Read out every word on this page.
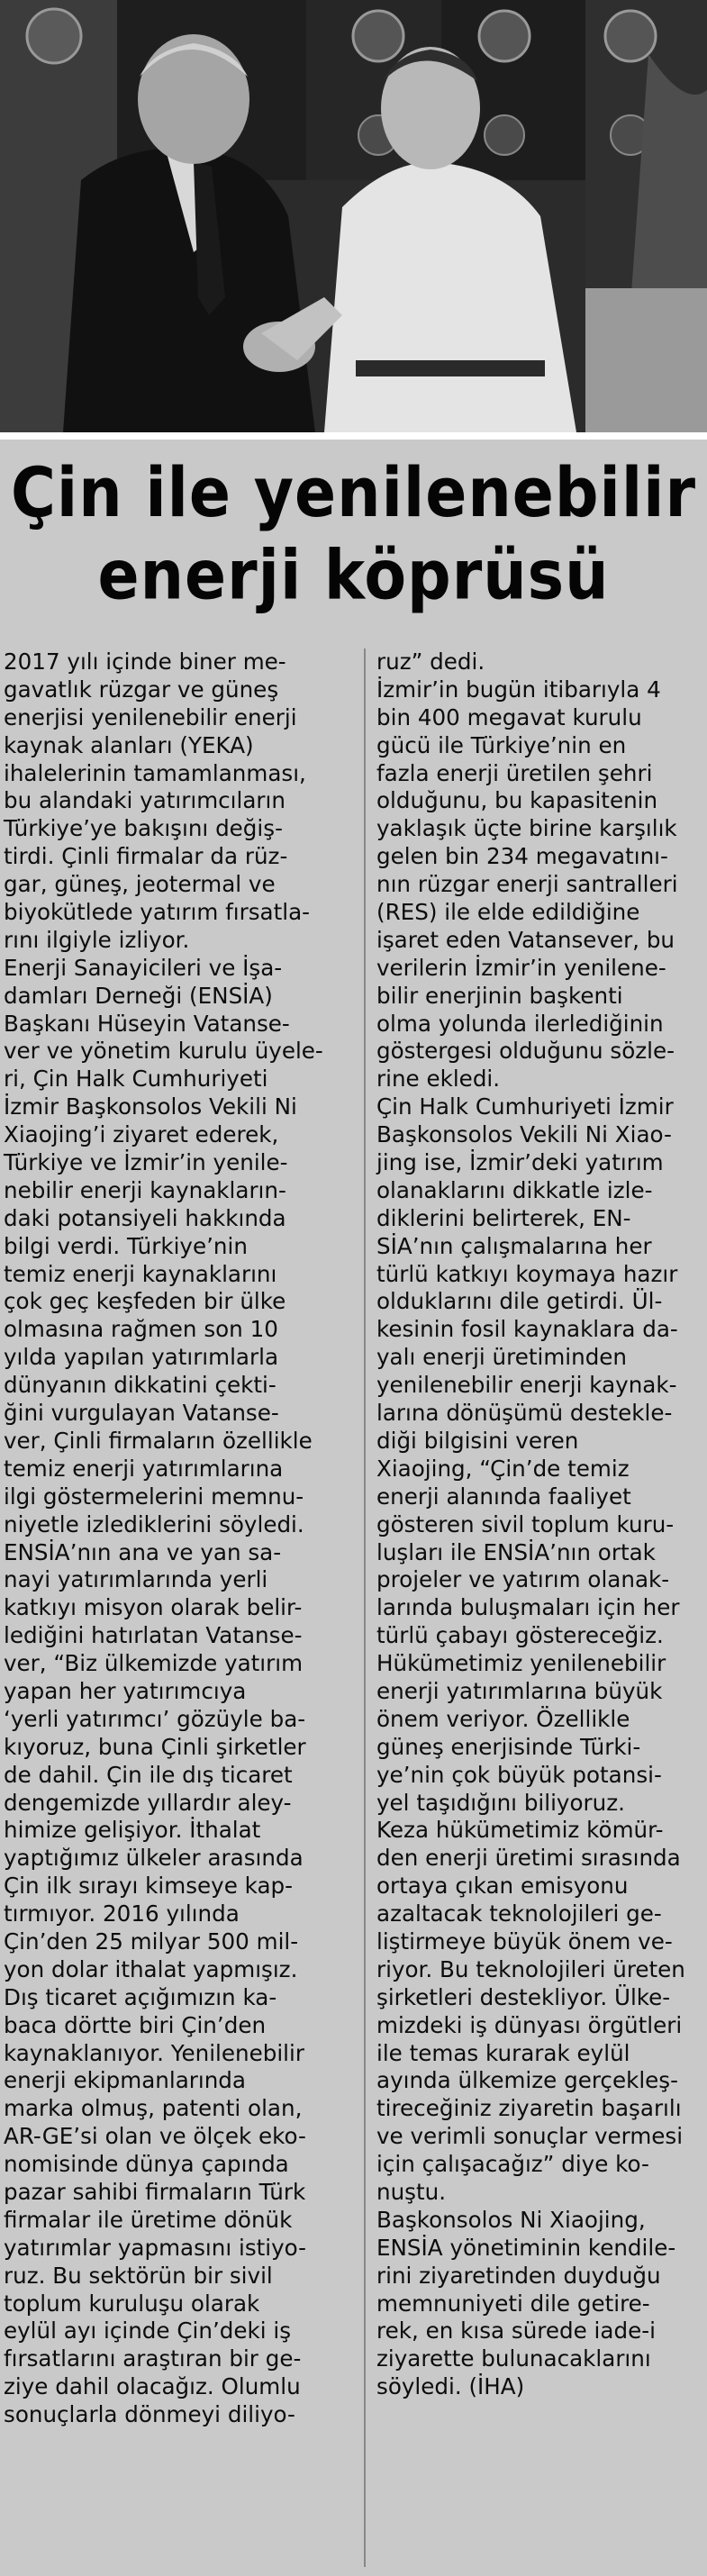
Çin ile yenilenebilir
enerji köprüsü
2017 yılı içinde biner me-
gavatlık rüzgar ve güneş
enerjisi yenilenebilir enerji
kaynak alanları (YEKA)
ihalelerinin tamamlanması,
bu alandaki yatırımcıların
Türkiye’ye bakışını değiş-
tirdi. Çinli firmalar da rüz-
gar, güneş, jeotermal ve
biyokütlede yatırım fırsatla-
rını ilgiyle izliyor.
Enerji Sanayicileri ve İşa-
damları Derneği (ENSİA)
Başkanı Hüseyin Vatanse-
ver ve yönetim kurulu üyele-
ri, Çin Halk Cumhuriyeti
İzmir Başkonsolos Vekili Ni
Xiaojing’i ziyaret ederek,
Türkiye ve İzmir’in yenile-
nebilir enerji kaynakların-
daki potansiyeli hakkında
bilgi verdi. Türkiye’nin
temiz enerji kaynaklarını
çok geç keşfeden bir ülke
olmasına rağmen son 10
yılda yapılan yatırımlarla
dünyanın dikkatini çekti-
ğini vurgulayan Vatanse-
ver, Çinli firmaların özellikle
temiz enerji yatırımlarına
ilgi göstermelerini memnu-
niyetle izlediklerini söyledi.
ENSİA’nın ana ve yan sa-
nayi yatırımlarında yerli
katkıyı misyon olarak belir-
lediğini hatırlatan Vatanse-
ver, “Biz ülkemizde yatırım
yapan her yatırımcıya
‘yerli yatırımcı’ gözüyle ba-
kıyoruz, buna Çinli şirketler
de dahil. Çin ile dış ticaret
dengemizde yıllardır aley-
himize gelişiyor. İthalat
yaptığımız ülkeler arasında
Çin ilk sırayı kimseye kap-
tırmıyor. 2016 yılında
Çin’den 25 milyar 500 mil-
yon dolar ithalat yapmışız.
Dış ticaret açığımızın ka-
baca dörtte biri Çin’den
kaynaklanıyor. Yenilenebilir
enerji ekipmanlarında
marka olmuş, patenti olan,
AR-GE’si olan ve ölçek eko-
nomisinde dünya çapında
pazar sahibi firmaların Türk
firmalar ile üretime dönük
yatırımlar yapmasını istiyo-
ruz. Bu sektörün bir sivil
toplum kuruluşu olarak
eylül ayı içinde Çin’deki iş
fırsatlarını araştıran bir ge-
ziye dahil olacağız. Olumlu
sonuçlarla dönmeyi diliyo-
ruz” dedi.
İzmir’in bugün itibarıyla 4
bin 400 megavat kurulu
gücü ile Türkiye’nin en
fazla enerji üretilen şehri
olduğunu, bu kapasitenin
yaklaşık üçte birine karşılık
gelen bin 234 megavatını-
nın rüzgar enerji santralleri
(RES) ile elde edildiğine
işaret eden Vatansever, bu
verilerin İzmir’in yenilene-
bilir enerjinin başkenti
olma yolunda ilerlediğinin
göstergesi olduğunu sözle-
rine ekledi.
Çin Halk Cumhuriyeti İzmir
Başkonsolos Vekili Ni Xiao-
jing ise, İzmir’deki yatırım
olanaklarını dikkatle izle-
diklerini belirterek, EN-
SİA’nın çalışmalarına her
türlü katkıyı koymaya hazır
olduklarını dile getirdi. Ül-
kesinin fosil kaynaklara da-
yalı enerji üretiminden
yenilenebilir enerji kaynak-
larına dönüşümü destekle-
diği bilgisini veren
Xiaojing, “Çin’de temiz
enerji alanında faaliyet
gösteren sivil toplum kuru-
luşları ile ENSİA’nın ortak
projeler ve yatırım olanak-
larında buluşmaları için her
türlü çabayı göstereceğiz.
Hükümetimiz yenilenebilir
enerji yatırımlarına büyük
önem veriyor. Özellikle
güneş enerjisinde Türki-
ye’nin çok büyük potansi-
yel taşıdığını biliyoruz.
Keza hükümetimiz kömür-
den enerji üretimi sırasında
ortaya çıkan emisyonu
azaltacak teknolojileri ge-
liştirmeye büyük önem ve-
riyor. Bu teknolojileri üreten
şirketleri destekliyor. Ülke-
mizdeki iş dünyası örgütleri
ile temas kurarak eylül
ayında ülkemize gerçekleş-
tireceğiniz ziyaretin başarılı
ve verimli sonuçlar vermesi
için çalışacağız” diye ko-
nuştu.
Başkonsolos Ni Xiaojing,
ENSİA yönetiminin kendile-
rini ziyaretinden duyduğu
memnuniyeti dile getire-
rek, en kısa sürede iade-i
ziyarette bulunacaklarını
söyledi. (İHA)
